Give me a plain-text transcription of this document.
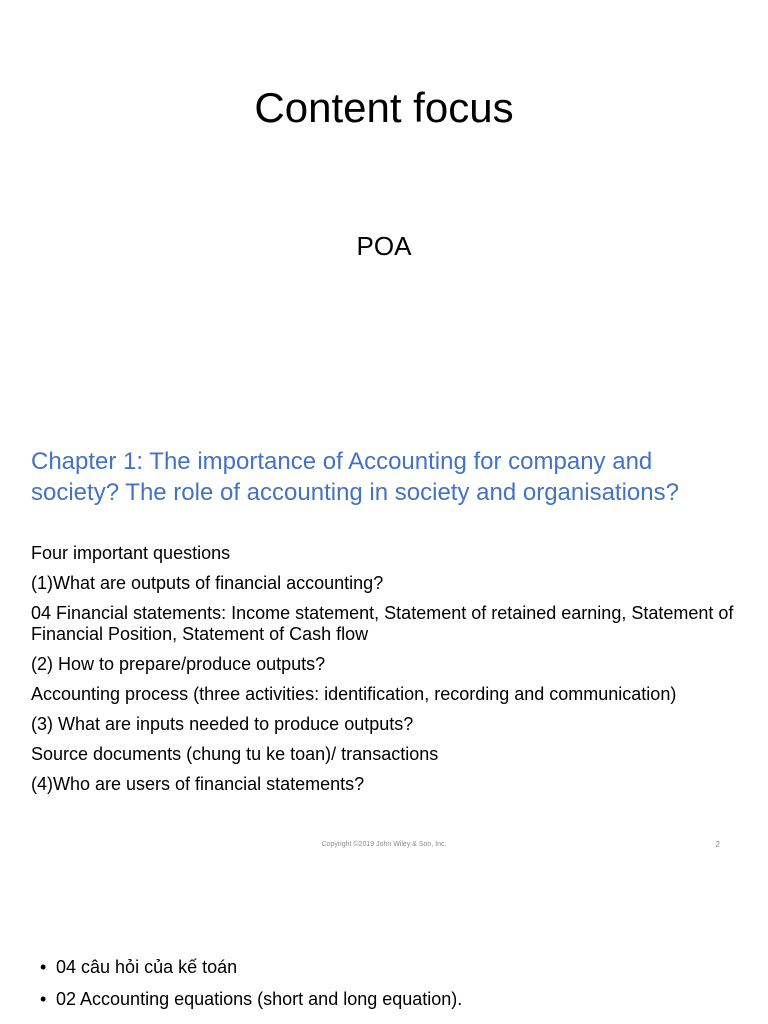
Content focus
POA
Chapter 1: The importance of Accounting for company and society? The role of accounting in society and organisations?
Four important questions
(1)What are outputs of financial accounting?
04 Financial statements: Income statement, Statement of retained earning, Statement of Financial Position, Statement of Cash flow
(2) How to prepare/produce outputs?
Accounting process (three activities: identification, recording and communication)
(3) What are inputs needed to produce outputs?
Source documents (chung tu ke toan)/ transactions
(4)Who are users of financial statements?
Copyright ©2019 John Wiley & Son, Inc.	2
• 04 câu hỏi của kế toán
• 02 Accounting equations (short and long equation).
